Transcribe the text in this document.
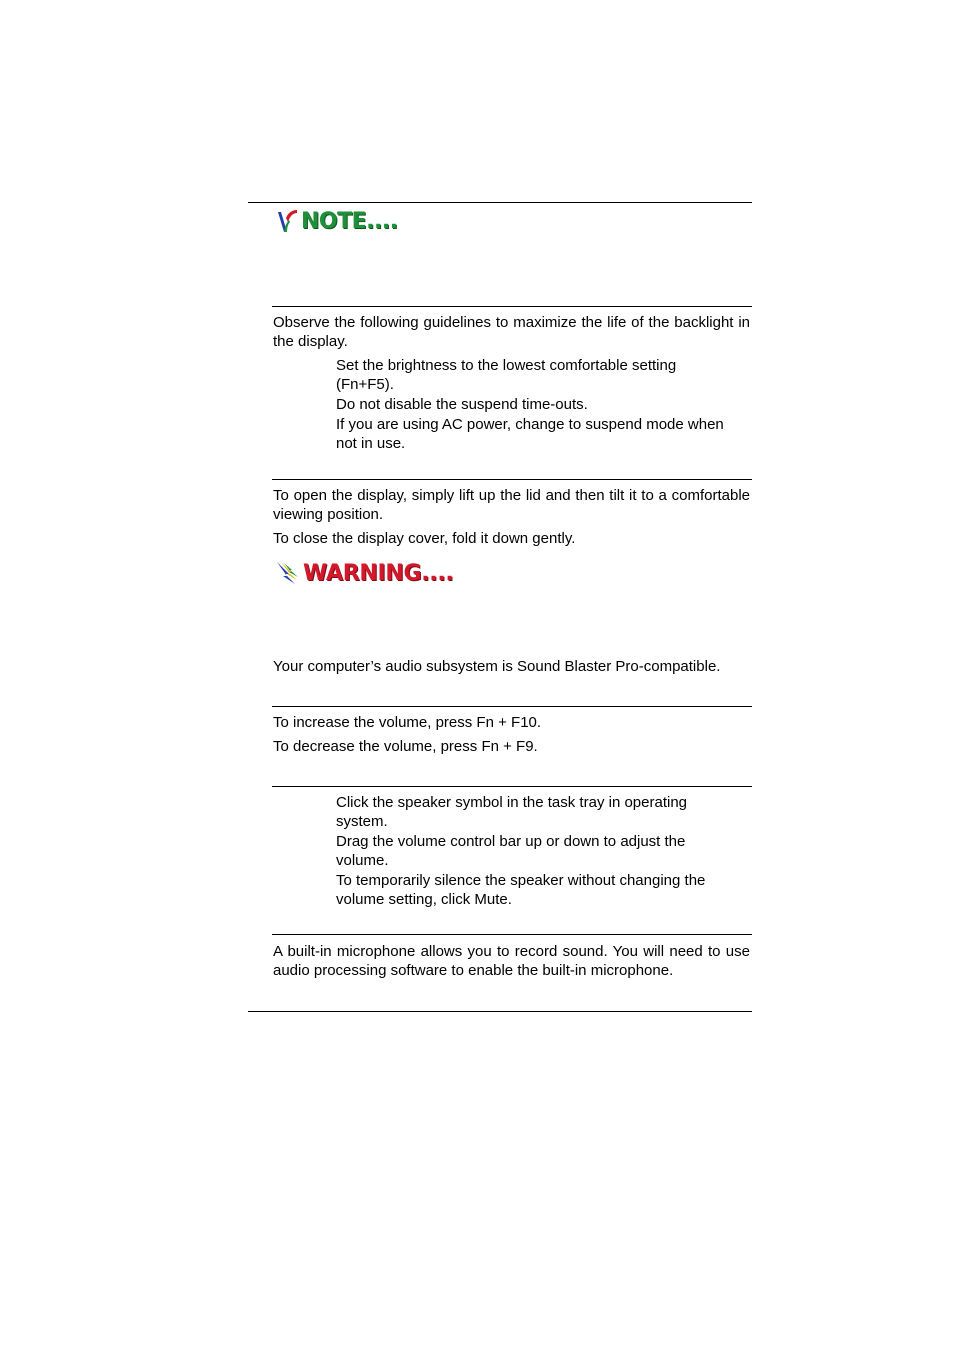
NOTE....
Observe the following guidelines to maximize the life of the backlight in the display.
Set the brightness to the lowest comfortable setting (Fn+F5).
Do not disable the suspend time-outs.
If you are using AC power, change to suspend mode when not in use.
To open the display, simply lift up the lid and then tilt it to a comfortable viewing position.
To close the display cover, fold it down gently.
WARNING....
Your computer’s audio subsystem is Sound Blaster Pro-compatible.
To increase the volume, press Fn + F10.
To decrease the volume, press Fn + F9.
Click the speaker symbol in the task tray in operating system.
Drag the volume control bar up or down to adjust the volume.
To temporarily silence the speaker without changing the volume setting, click Mute.
A built-in microphone allows you to record sound. You will need to use audio processing software to enable the built-in microphone.
